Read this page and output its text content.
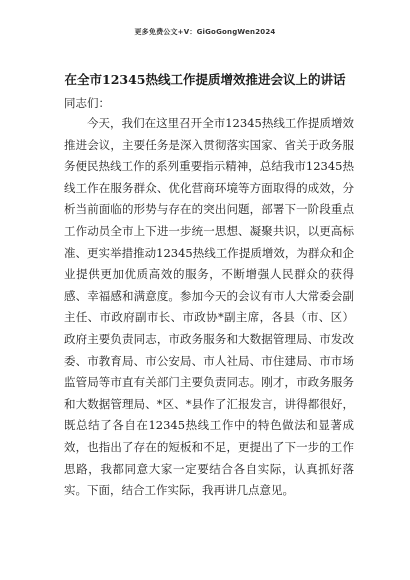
更多免费公文+V：GiGoGongWen2024
在全市12345热线工作提质增效推进会议上的讲话
同志们：

今天，我们在这里召开全市12345热线工作提质增效推进会议，主要任务是深入贯彻落实国家、省关于政务服务便民热线工作的系列重要指示精神，总结我市12345热线工作在服务群众、优化营商环境等方面取得的成效，分析当前面临的形势与存在的突出问题，部署下一阶段重点工作动员全市上下进一步统一思想、凝聚共识，以更高标准、更实举措推动12345热线工作提质增效，为群众和企业提供更加优质高效的服务，不断增强人民群众的获得感、幸福感和满意度。参加今天的会议有市人大常委会副主任、市政府副市长、市政协*副主席，各县（市、区）政府主要负责同志，市政务服务和大数据管理局、市发改委、市教育局、市公安局、市人社局、市住建局、市市场监管局等市直有关部门主要负责同志。刚才，市政务服务和大数据管理局、*区、*县作了汇报发言，讲得都很好，既总结了各自在12345热线工作中的特色做法和显著成效，也指出了存在的短板和不足，更提出了下一步的工作思路，我都同意大家一定要结合各自实际，认真抓好落实。下面，结合工作实际，我再讲几点意见。
